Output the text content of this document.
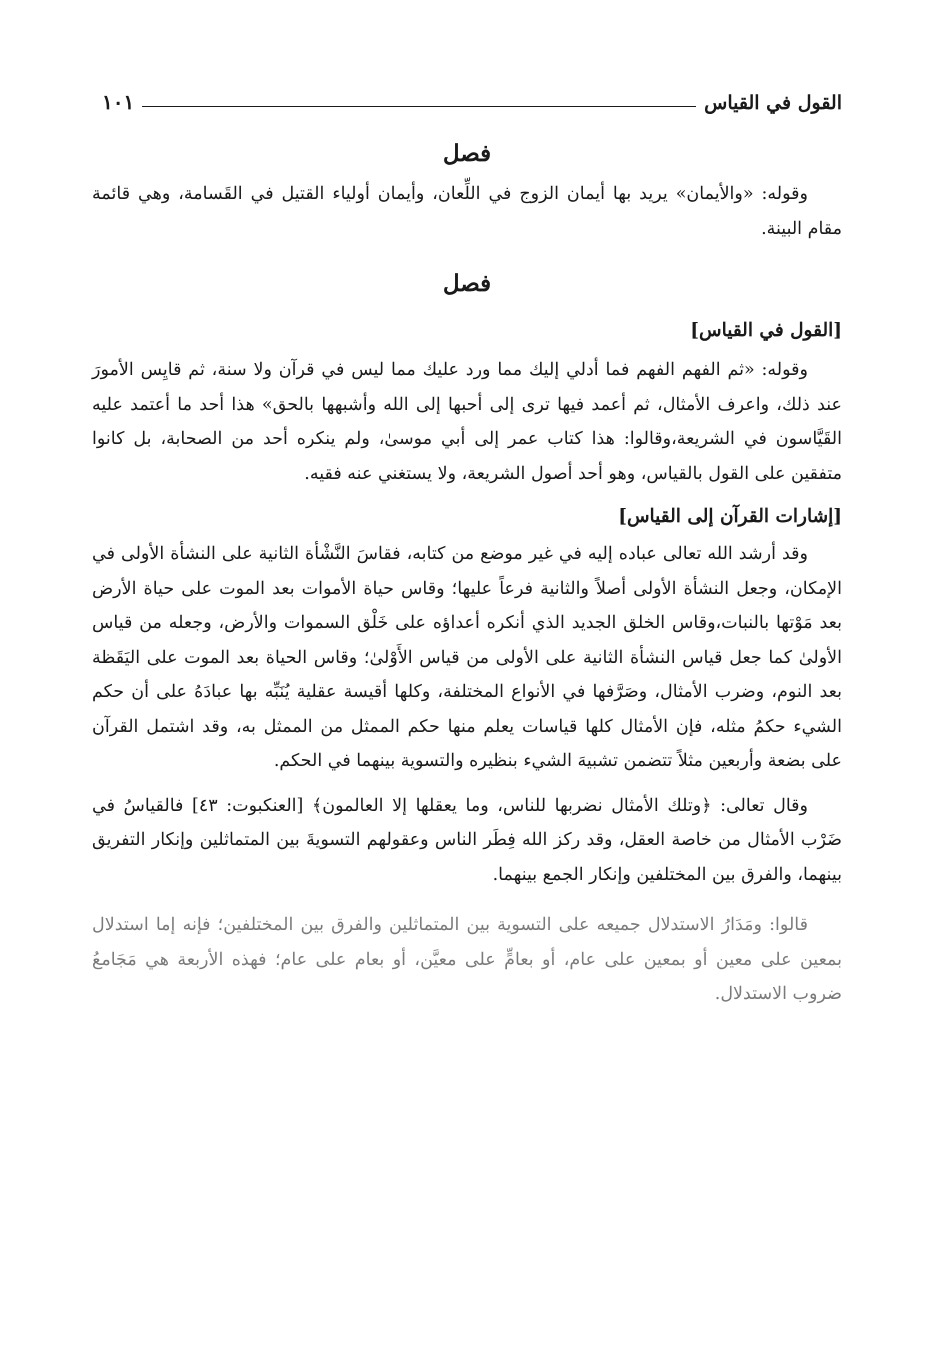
القول في القياس
١٠١
فصل

وقوله: «والأيمان» يريد بها أيمان الزوج في اللِّعان، وأيمان أولياء القتيل في القَسامة، وهي قائمة مقام البينة.

فصل
[القول في القياس]

وقوله: «ثم الفهم الفهم فما أدلي إليك مما ورد عليك مما ليس في قرآن ولا سنة، ثم قايِس الأمورَ عند ذلك، واعرف الأمثال، ثم أعمد فيها ترى إلى أحبها إلى الله وأشبهها بالحق» هذا أحد ما أعتمد عليه القَيَّاسون في الشريعة،وقالوا: هذا كتاب عمر إلى أبي موسىٰ، ولم ينكره أحد من الصحابة، بل كانوا متفقين على القول بالقياس، وهو أحد أصول الشريعة، ولا يستغني عنه فقيه.

[إشارات القرآن إلى القياس]

وقد أرشد الله تعالى عباده إليه في غير موضع من كتابه، فقاسَ النَّشْأة الثانية على النشأة الأولى في الإمكان، وجعل النشأة الأولى أصلاً والثانية فرعاً عليها؛ وقاس حياة الأموات بعد الموت على حياة الأرض بعد مَوْتها بالنبات،وقاس الخلق الجديد الذي أنكره أعداؤه على خَلْق السموات والأرض، وجعله من قياس الأولىٰ كما جعل قياس النشأة الثانية على الأولى من قياس الأَوْلىٰ؛ وقاس الحياة بعد الموت على اليَقَظة بعد النوم، وضرب الأمثال، وصَرَّفها في الأنواع المختلفة، وكلها أقيسة عقلية يُنَبِّه بها عبادَهُ على أن حكم الشيء حكمُ مثله، فإن الأمثال كلها قياسات يعلم منها حكم الممثل من الممثل به، وقد اشتمل القرآن على بضعة وأربعين مثلاً تتضمن تشبيهَ الشيء بنظيره والتسوية بينهما في الحكم.

وقال تعالى: ﴿وتلك الأمثال نضربها للناس، وما يعقلها إلا العالمون﴾ [العنكبوت: ٤٣] فالقياسُ في ضَرْب الأمثال من خاصة العقل، وقد ركز الله فِطَر الناس وعقولهم التسويةَ بين المتماثلين وإنكار التفريق بينهما، والفرق بين المختلفين وإنكار الجمع بينهما.

قالوا: ومَدَارُ الاستدلال جميعه على التسوية بين المتماثلين والفرق بين المختلفين؛ فإنه إما استدلال بمعين على معين أو بمعين على عام، أو بعامٍّ على معيَّن، أو بعام على عام؛ فهذه الأربعة هي مَجَامعُ ضروب الاستدلال.
